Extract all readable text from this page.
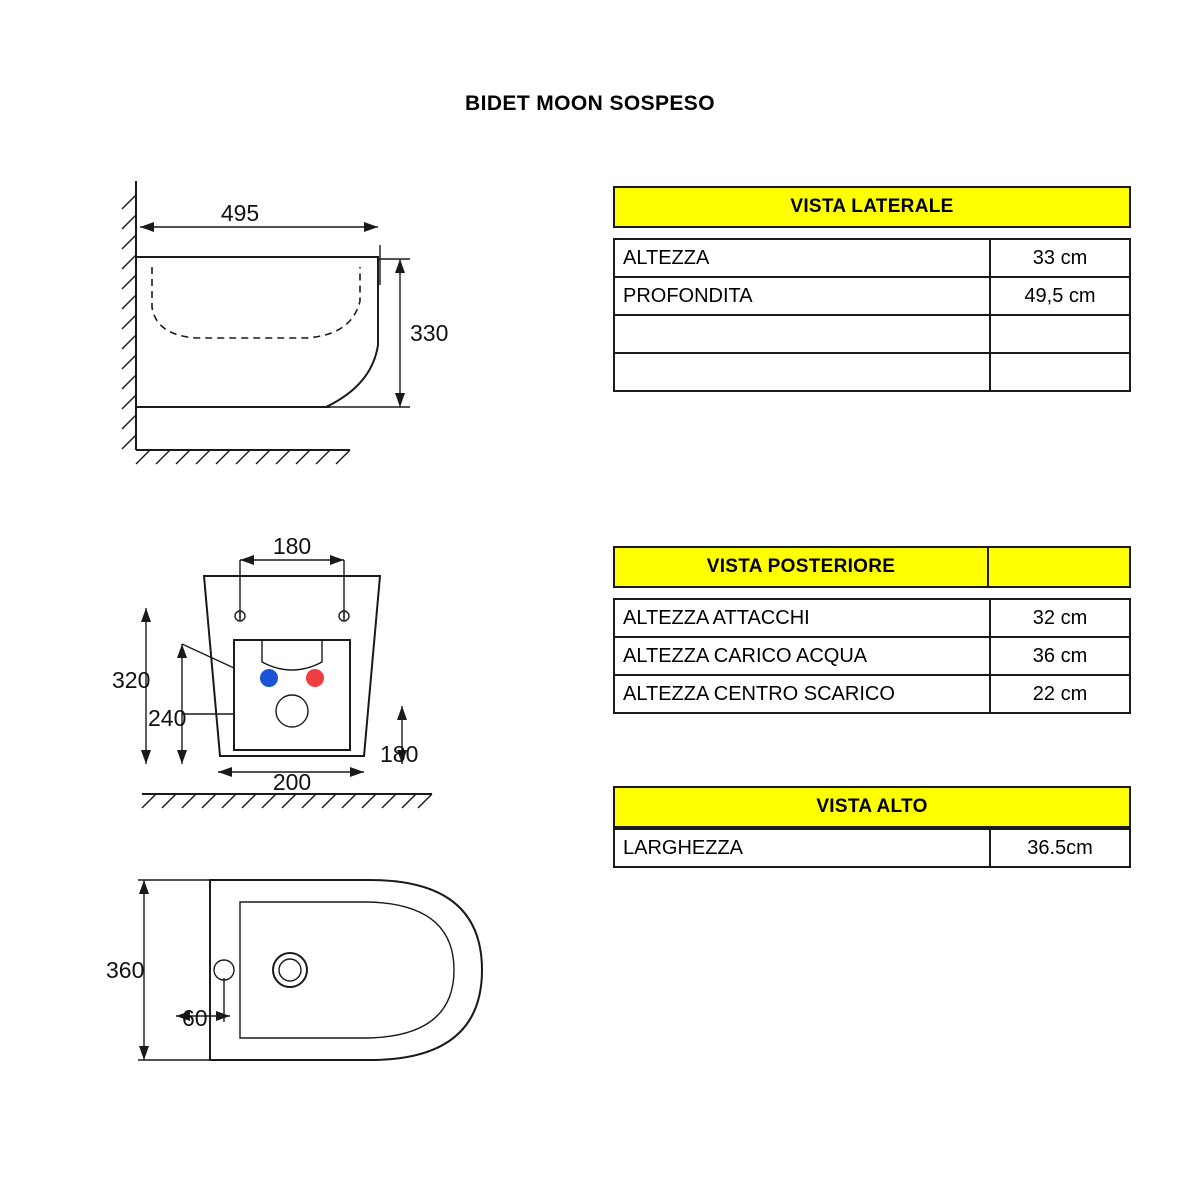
BIDET MOON SOSPESO
495
330
180
320
240
200
180
360
60
VISTA LATERALE
ALTEZZA	33 cm
PROFONDITA	49,5 cm

VISTA POSTERIORE
ALTEZZA ATTACCHI	32 cm
ALTEZZA CARICO ACQUA	36 cm
ALTEZZA CENTRO SCARICO	22 cm
VISTA ALTO
LARGHEZZA	36.5cm
